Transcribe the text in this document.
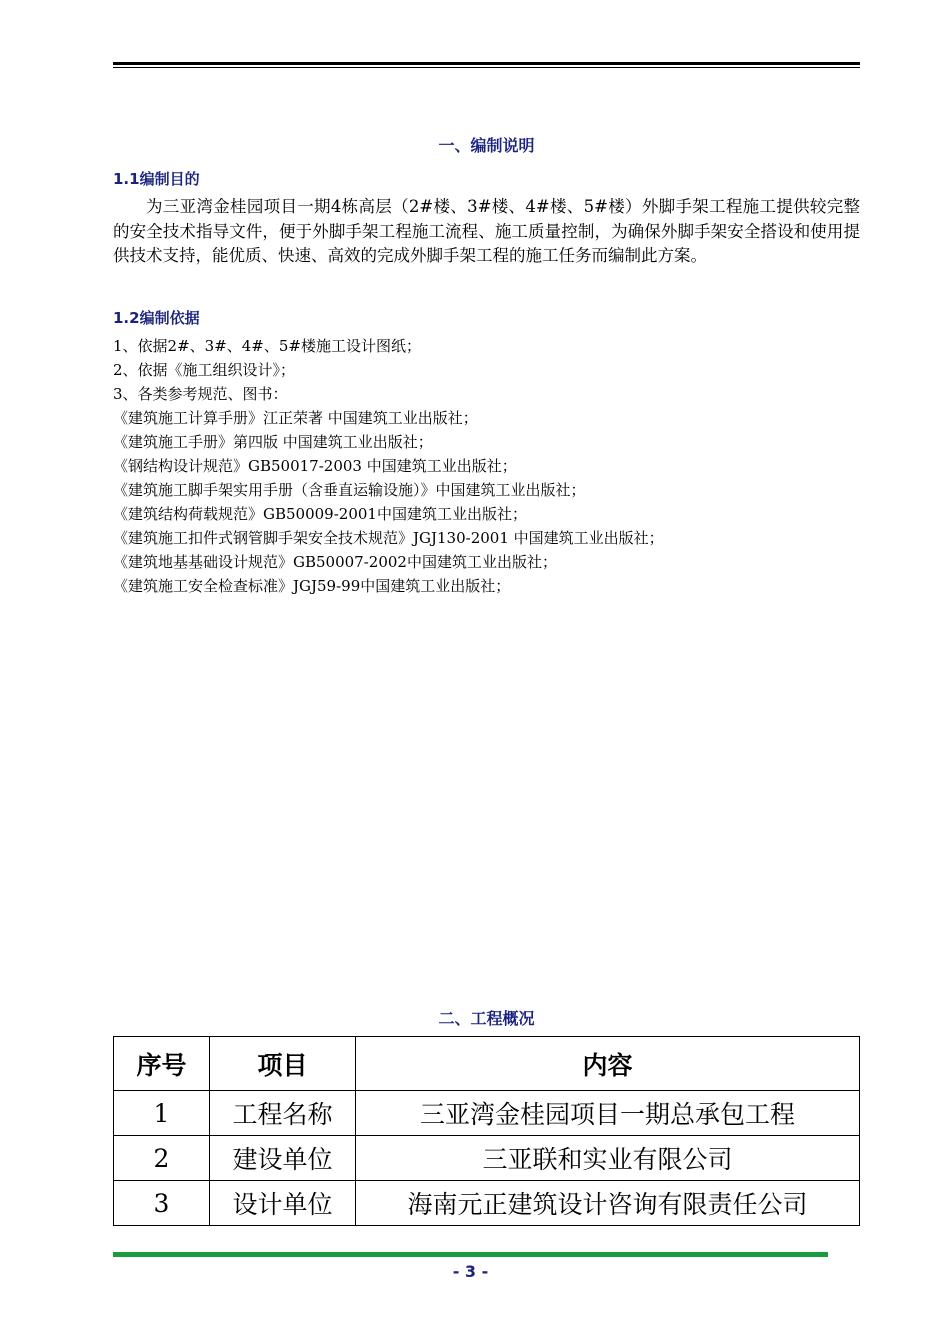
一、编制说明
1.1编制目的
为三亚湾金桂园项目一期4栋高层（2#楼、3#楼、4#楼、5#楼）外脚手架工程施工提供较完整的安全技术指导文件，便于外脚手架工程施工流程、施工质量控制，为确保外脚手架安全搭设和使用提供技术支持，能优质、快速、高效的完成外脚手架工程的施工任务而编制此方案。
1.2编制依据
1、依据2#、3#、4#、5#楼施工设计图纸；
2、依据《施工组织设计》；
3、各类参考规范、图书：
《建筑施工计算手册》江正荣著 中国建筑工业出版社；
《建筑施工手册》第四版 中国建筑工业出版社；
《钢结构设计规范》GB50017-2003 中国建筑工业出版社；
《建筑施工脚手架实用手册（含垂直运输设施）》中国建筑工业出版社；
《建筑结构荷载规范》GB50009-2001中国建筑工业出版社；
《建筑施工扣件式钢管脚手架安全技术规范》JGJ130-2001 中国建筑工业出版社；
《建筑地基基础设计规范》GB50007-2002中国建筑工业出版社；
《建筑施工安全检查标准》JGJ59-99中国建筑工业出版社；
二、工程概况
序号	项目	内容
1	工程名称	三亚湾金桂园项目一期总承包工程
2	建设单位	三亚联和实业有限公司
3	设计单位	海南元正建筑设计咨询有限责任公司
- 3 -
